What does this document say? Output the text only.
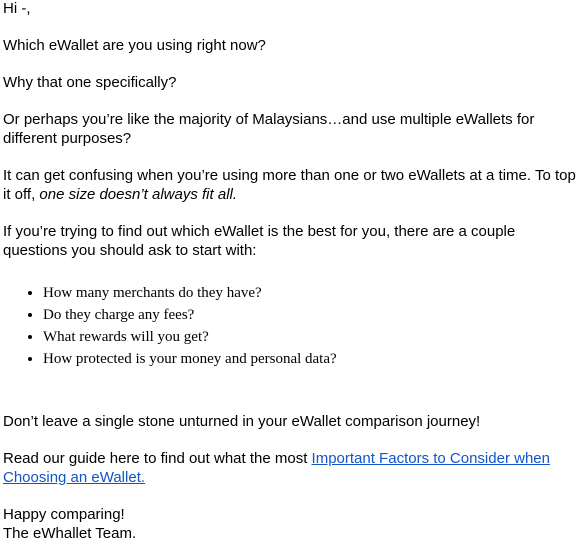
Hi -,

Which eWallet are you using right now?

Why that one specifically?

Or perhaps you’re like the majority of Malaysians…and use multiple eWallets for different purposes?

It can get confusing when you’re using more than one or two eWallets at a time. To top it off, one size doesn’t always fit all.

If you’re trying to find out which eWallet is the best for you, there are a couple questions you should ask to start with:

• How many merchants do they have?
• Do they charge any fees?
• What rewards will you get?
• How protected is your money and personal data?

Don’t leave a single stone unturned in your eWallet comparison journey!

Read our guide here to find out what the most Important Factors to Consider when Choosing an eWallet.

Happy comparing!

The eWhallet Team.
